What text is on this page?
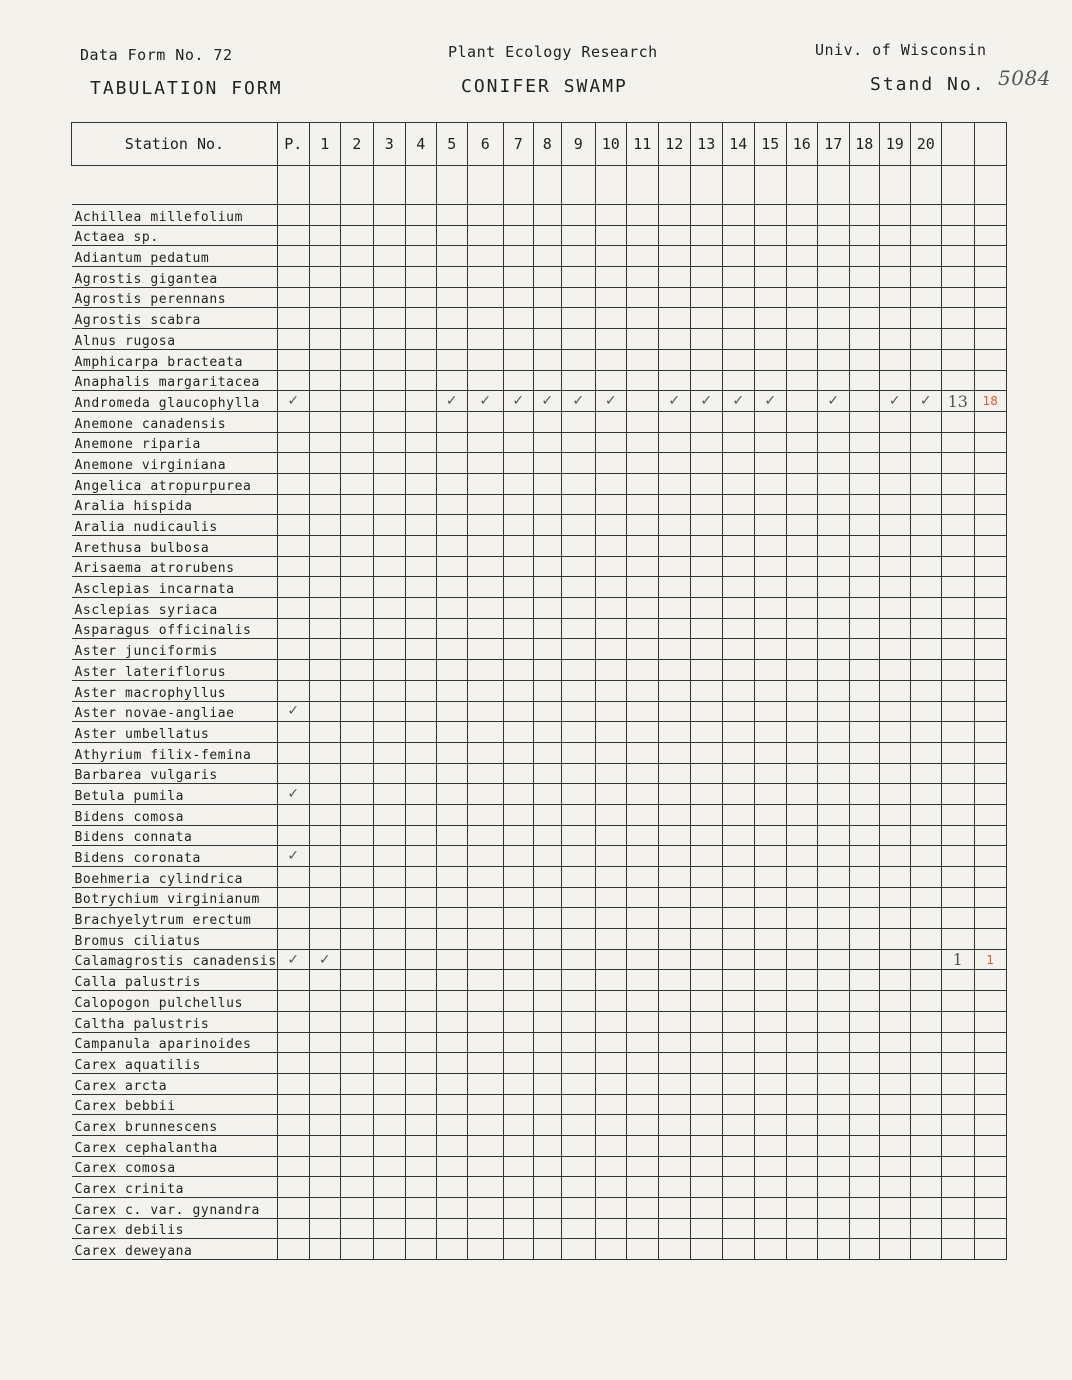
Data Form No. 72
TABULATION FORM
Plant Ecology Research
CONIFER SWAMP
Univ. of Wisconsin
Stand No. 5084
Station No.	P.	1	2	3	4	5	6	7	8	9	10	11	12	13	14	15	16	17	18	19	20		

Achillea millefolium																							
Actaea sp.																							
Adiantum pedatum																							
Agrostis gigantea																							
Agrostis perennans																							
Agrostis scabra																							
Alnus rugosa																							
Amphicarpa bracteata																							
Anaphalis margaritacea																							
Andromeda glaucophylla	✓					✓	✓	✓	✓	✓	✓		✓	✓	✓	✓		✓		✓	✓	13	18
Anemone canadensis																							
Anemone riparia																							
Anemone virginiana																							
Angelica atropurpurea																							
Aralia hispida																							
Aralia nudicaulis																							
Arethusa bulbosa																							
Arisaema atrorubens																							
Asclepias incarnata																							
Asclepias syriaca																							
Asparagus officinalis																							
Aster junciformis																							
Aster lateriflorus																							
Aster macrophyllus																							
Aster novae-angliae	✓																						
Aster umbellatus																							
Athyrium filix-femina																							
Barbarea vulgaris																							
Betula pumila	✓																						
Bidens comosa																							
Bidens connata																							
Bidens coronata	✓																						
Boehmeria cylindrica																							
Botrychium virginianum																							
Brachyelytrum erectum																							
Bromus ciliatus																							
Calamagrostis canadensis	✓	✓																				1	1
Calla palustris																							
Calopogon pulchellus																							
Caltha palustris																							
Campanula aparinoides																							
Carex aquatilis																							
Carex arcta																							
Carex bebbii																							
Carex brunnescens																							
Carex cephalantha																							
Carex comosa																							
Carex crinita																							
Carex c. var. gynandra																							
Carex debilis																							
Carex deweyana																							
